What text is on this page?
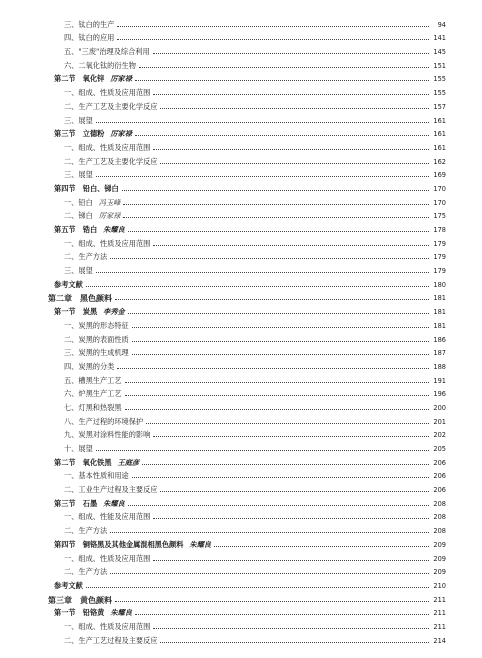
三、钛白的生产	94
四、钛白的应用	141
五、"三废"治理及综合利用	145
六、二氧化钛的衍生物	151
第二节　氧化锌 厉家禄	155
一、组成、性质及应用范围	155
二、生产工艺及主要化学反应	157
三、展望	161
第三节　立德粉 厉家禄	161
一、组成、性质及应用范围	161
二、生产工艺及主要化学反应	162
三、展望	169
第四节　铅白、锑白	170
一、铅白 冯玉峰	170
二、锑白 厉家禄	175
第五节　锆白 朱耀良	178
一、组成、性质及应用范围	179
二、生产方法	179
三、展望	179
参考文献	180
第二章　黑色颜料	181
第一节　炭黑 李秀金	181
一、炭黑的形态特征	181
二、炭黑的表面性质	186
三、炭黑的生成机理	187
四、炭黑的分类	188
五、槽黑生产工艺	191
六、炉黑生产工艺	196
七、灯黑和热裂黑	200
八、生产过程的环境保护	201
九、炭黑对涂料性能的影响	202
十、展望	205
第二节　氧化铁黑 王庭彦	206
一、基本性质和用途	206
二、工业生产过程及主要反应	206
第三节　石墨 朱耀良	208
一、组成、性能及应用范围	208
二、生产方法	208
第四节　铜铬黑及其他金属混相黑色颜料 朱耀良	209
一、组成、性质及应用范围	209
二、生产方法	209
参考文献	210
第三章　黄色颜料	211
第一节　铅铬黄 朱耀良	211
一、组成、性质及应用范围	211
二、生产工艺过程及主要反应	214
